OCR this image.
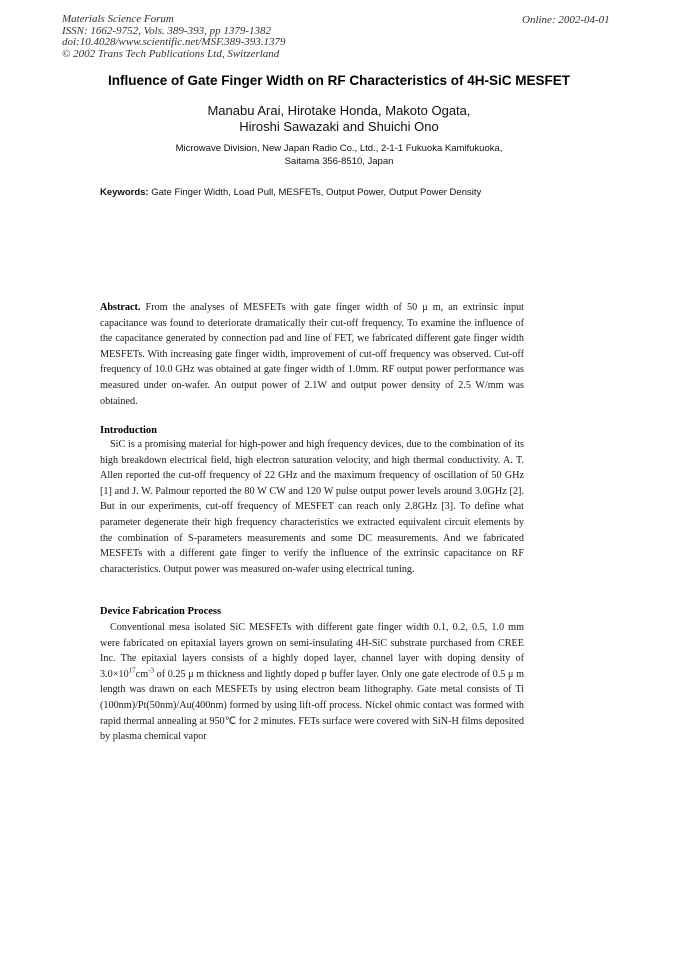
Materials Science Forum
ISSN: 1662-9752, Vols. 389-393, pp 1379-1382
doi:10.4028/www.scientific.net/MSF.389-393.1379
© 2002 Trans Tech Publications Ltd, Switzerland
Online: 2002-04-01
Influence of Gate Finger Width on RF Characteristics of 4H-SiC MESFET
Manabu Arai, Hirotake Honda, Makoto Ogata,
Hiroshi Sawazaki and Shuichi Ono
Microwave Division, New Japan Radio Co., Ltd., 2-1-1 Fukuoka Kamifukuoka,
Saitama 356-8510, Japan
Keywords: Gate Finger Width, Load Pull, MESFETs, Output Power, Output Power Density
Abstract. From the analyses of MESFETs with gate finger width of 50 μ m, an extrinsic input capacitance was found to deteriorate dramatically their cut-off frequency. To examine the influence of the capacitance generated by connection pad and line of FET, we fabricated different gate finger width MESFETs. With increasing gate finger width, improvement of cut-off frequency was observed. Cut-off frequency of 10.0 GHz was obtained at gate finger width of 1.0mm. RF output power performance was measured under on-wafer. An output power of 2.1W and output power density of 2.5 W/mm was obtained.
Introduction
SiC is a promising material for high-power and high frequency devices, due to the combination of its high breakdown electrical field, high electron saturation velocity, and high thermal conductivity. A. T. Allen reported the cut-off frequency of 22 GHz and the maximum frequency of oscillation of 50 GHz [1] and J. W. Palmour reported the 80 W CW and 120 W pulse output power levels around 3.0GHz [2]. But in our experiments, cut-off frequency of MESFET can reach only 2.8GHz [3]. To define what parameter degenerate their high frequency characteristics we extracted equivalent circuit elements by the combination of S-parameters measurements and some DC measurements. And we fabricated MESFETs with a different gate finger to verify the influence of the extrinsic capacitance on RF characteristics. Output power was measured on-wafer using electrical tuning.
Device Fabrication Process
Conventional mesa isolated SiC MESFETs with different gate finger width 0.1, 0.2, 0.5, 1.0 mm were fabricated on epitaxial layers grown on semi-insulating 4H-SiC substrate purchased from CREE Inc. The epitaxial layers consists of a highly doped layer, channel layer with doping density of $3.0\times 10^{17}cm^{-3}$ of 0.25 μ m thickness and lightly doped p buffer layer. Only one gate electrode of 0.5 μ m length was drawn on each MESFETs by using electron beam lithography. Gate metal consists of Ti (100nm)/Pt(50nm)/Au(400nm) formed by using lift-off process. Nickel ohmic contact was formed with rapid thermal annealing at 950℃ for 2 minutes. FETs surface were covered with SiN-H films deposited by plasma chemical vapor
